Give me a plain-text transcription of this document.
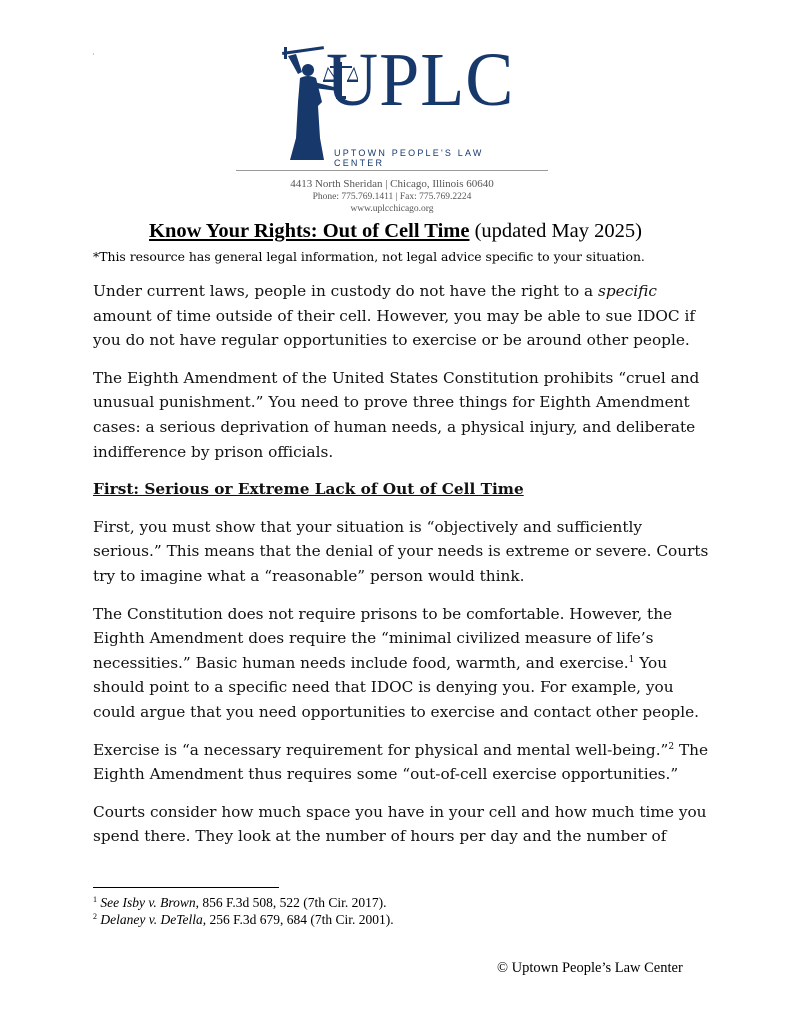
·	UPLC
UPTOWN PEOPLE'S LAW CENTER
4413 North Sheridan | Chicago, Illinois 60640
Phone: 775.769.1411 | Fax: 775.769.2224
www.uplcchicago.org
Know Your Rights: Out of Cell Time (updated May 2025)
*This resource has general legal information, not legal advice specific to your situation.

Under current laws, people in custody do not have the right to a specific amount of time outside of their cell. However, you may be able to sue IDOC if you do not have regular opportunities to exercise or be around other people.

The Eighth Amendment of the United States Constitution prohibits “cruel and unusual punishment.” You need to prove three things for Eighth Amendment cases: a serious deprivation of human needs, a physical injury, and deliberate indifference by prison officials.

First: Serious or Extreme Lack of Out of Cell Time

First, you must show that your situation is “objectively and sufficiently serious.” This means that the denial of your needs is extreme or severe. Courts try to imagine what a “reasonable” person would think.

The Constitution does not require prisons to be comfortable. However, the Eighth Amendment does require the “minimal civilized measure of life’s necessities.” Basic human needs include food, warmth, and exercise.$^1$ You should point to a specific need that IDOC is denying you. For example, you could argue that you need opportunities to exercise and contact other people.

Exercise is “a necessary requirement for physical and mental well-being.”$^2$ The Eighth Amendment thus requires some “out-of-cell exercise opportunities.”

Courts consider how much space you have in your cell and how much time you spend there. They look at the number of hours per day and the number of

$^1$ See Isby v. Brown, 856 F.3d 508, 522 (7th Cir. 2017).
$^2$ Delaney v. DeTella, 256 F.3d 679, 684 (7th Cir. 2001).
© Uptown People’s Law Center
